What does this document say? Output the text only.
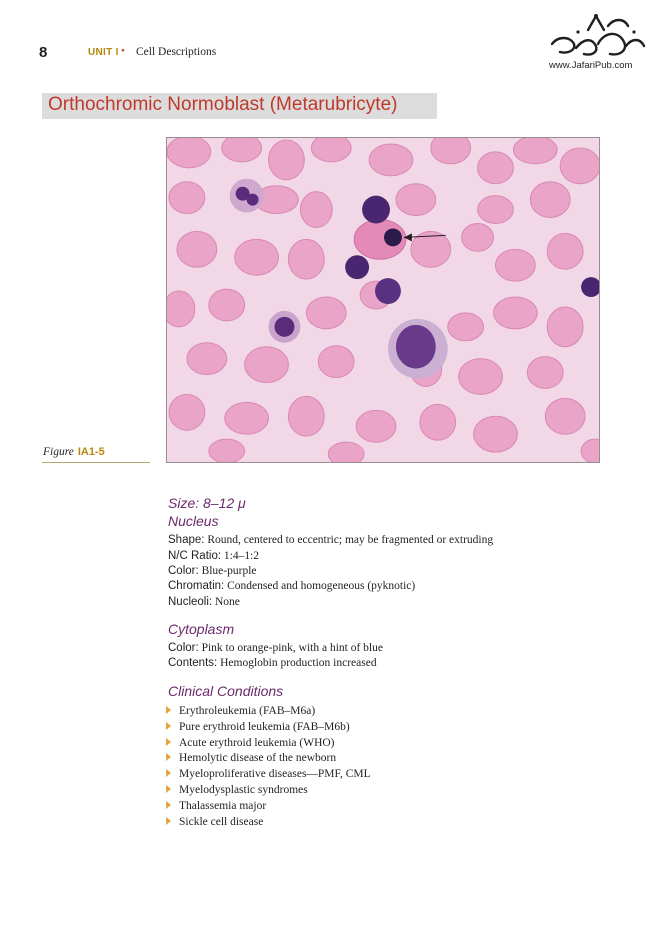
8	UNIT I • Cell Descriptions
www.JafariPub.com
Orthochromic Normoblast (Metarubricyte)
Figure IA1-5
Size: 8–12 μ
Nucleus
Shape: Round, centered to eccentric; may be fragmented or extruding
N/C Ratio: 1:4–1:2
Color: Blue-purple
Chromatin: Condensed and homogeneous (pyknotic)
Nucleoli: None
Cytoplasm
Color: Pink to orange-pink, with a hint of blue
Contents: Hemoglobin production increased
Clinical Conditions
Erythroleukemia (FAB–M6a)
Pure erythroid leukemia (FAB–M6b)
Acute erythroid leukemia (WHO)
Hemolytic disease of the newborn
Myeloproliferative diseases—PMF, CML
Myelodysplastic syndromes
Thalassemia major
Sickle cell disease
